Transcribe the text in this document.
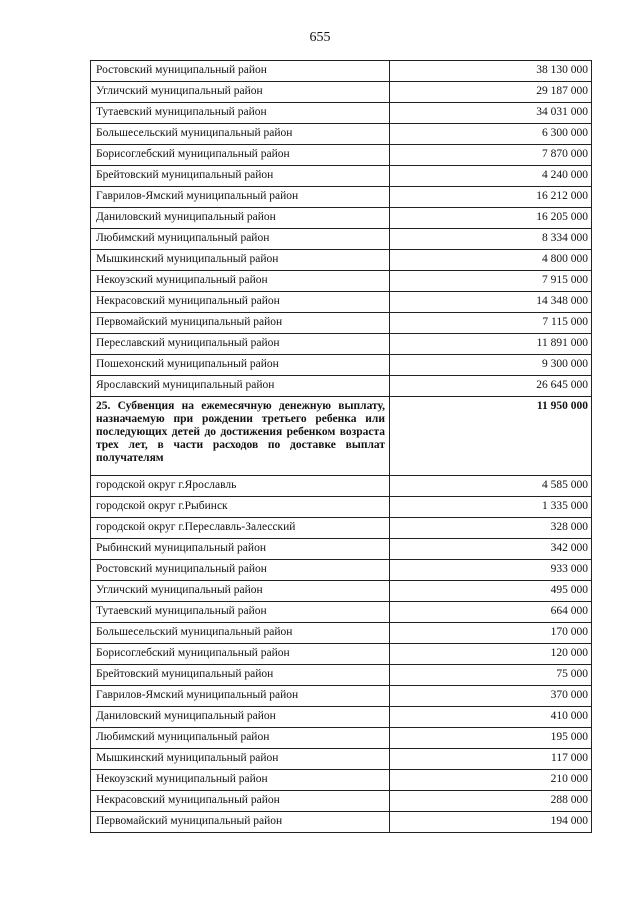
655
Ростовский муниципальный район	38 130 000
Угличский муниципальный район	29 187 000
Тутаевский муниципальный район	34 031 000
Большесельский муниципальный район	6 300 000
Борисоглебский муниципальный район	7 870 000
Брейтовский муниципальный район	4 240 000
Гаврилов-Ямский муниципальный район	16 212 000
Даниловский муниципальный район	16 205 000
Любимский муниципальный район	8 334 000
Мышкинский муниципальный район	4 800 000
Некоузский муниципальный район	7 915 000
Некрасовский муниципальный район	14 348 000
Первомайский муниципальный район	7 115 000
Переславский муниципальный район	11 891 000
Пошехонский муниципальный район	9 300 000
Ярославский муниципальный район	26 645 000
25. Субвенция на ежемесячную денежную выплату, назначаемую при рождении третьего ребенка или последующих детей до достижения ребенком возраста трех лет, в части расходов по доставке выплат получателям	11 950 000
городской округ г.Ярославль	4 585 000
городской округ г.Рыбинск	1 335 000
городской округ г.Переславль-Залесский	328 000
Рыбинский муниципальный район	342 000
Ростовский муниципальный район	933 000
Угличский муниципальный район	495 000
Тутаевский муниципальный район	664 000
Большесельский муниципальный район	170 000
Борисоглебский муниципальный район	120 000
Брейтовский муниципальный район	75 000
Гаврилов-Ямский муниципальный район	370 000
Даниловский муниципальный район	410 000
Любимский муниципальный район	195 000
Мышкинский муниципальный район	117 000
Некоузский муниципальный район	210 000
Некрасовский муниципальный район	288 000
Первомайский муниципальный район	194 000
